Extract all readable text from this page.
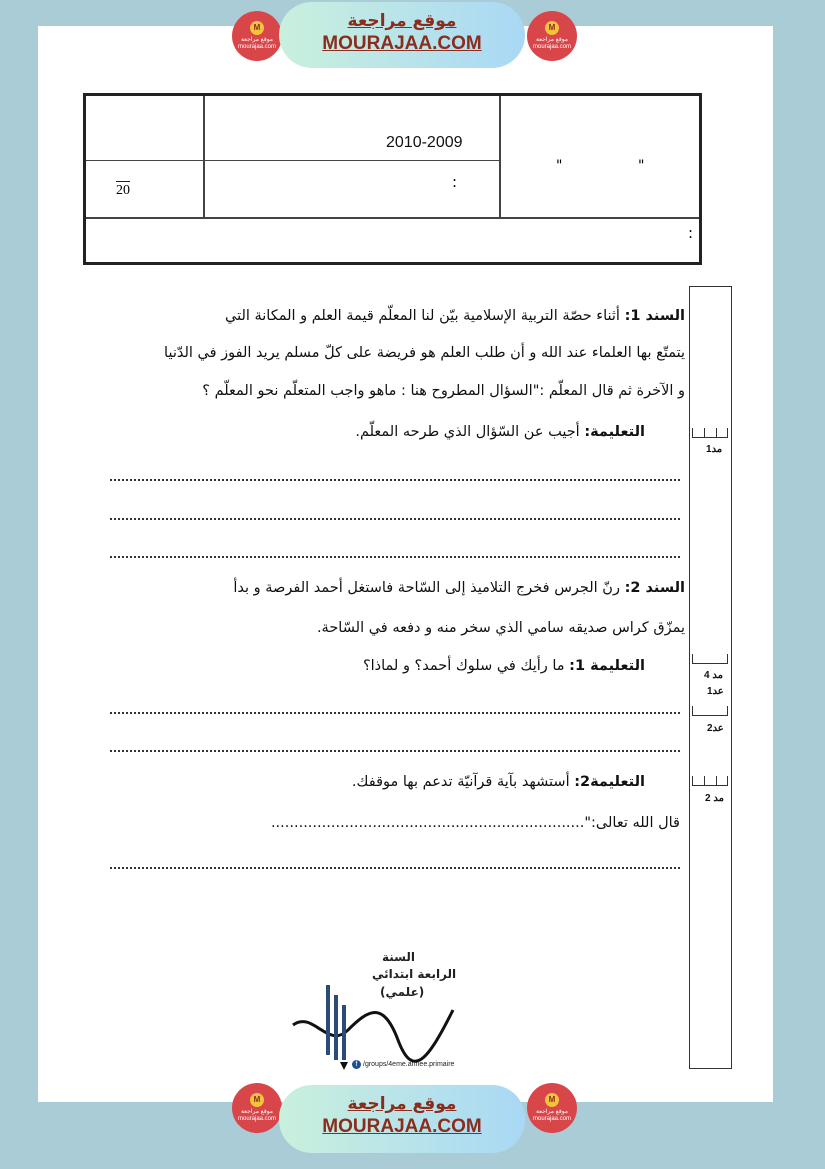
M
موقع مراجعة
mourajaa.com
موقع مراجعة
MOURAJAA.COM
M
موقع مراجعة
mourajaa.com
2010-2009
:
"	"
20
:
مد1
مد 4
عد1
عد2
مد 2
السند 1: أثناء حصّة التربية الإسلامية بيّن لنا المعلّم قيمة العلم و المكانة التي
يتمتّع بها العلماء عند الله و أن طلب العلم هو فريضة على كلّ مسلم يريد الفوز في الدّنيا
و الآخرة ثم قال المعلّم :"السؤال المطروح هنا : ماهو واجب المتعلّم نحو المعلّم ؟
التعليمة: أجيب عن السّؤال الذي طرحه المعلّم.
السند 2: رنّ الجرس فخرج التلاميذ إلى السّاحة فاستغل أحمد الفرصة و بدأ
يمزّق كراس صديقه سامي الذي سخر منه و دفعه في السّاحة.
التعليمة 1: ما رأيك في سلوك أحمد؟ و لماذا؟
التعليمة2: أستشهد بآية قرآنيّة تدعم بها موقفك.
قال الله تعالى:"....................................................................
السنة
الرابعة ابتدائي
(علمي)
f /groups/4eme.annee.primaire
M
موقع مراجعة
mourajaa.com
موقع مراجعة
MOURAJAA.COM
M
موقع مراجعة
mourajaa.com
